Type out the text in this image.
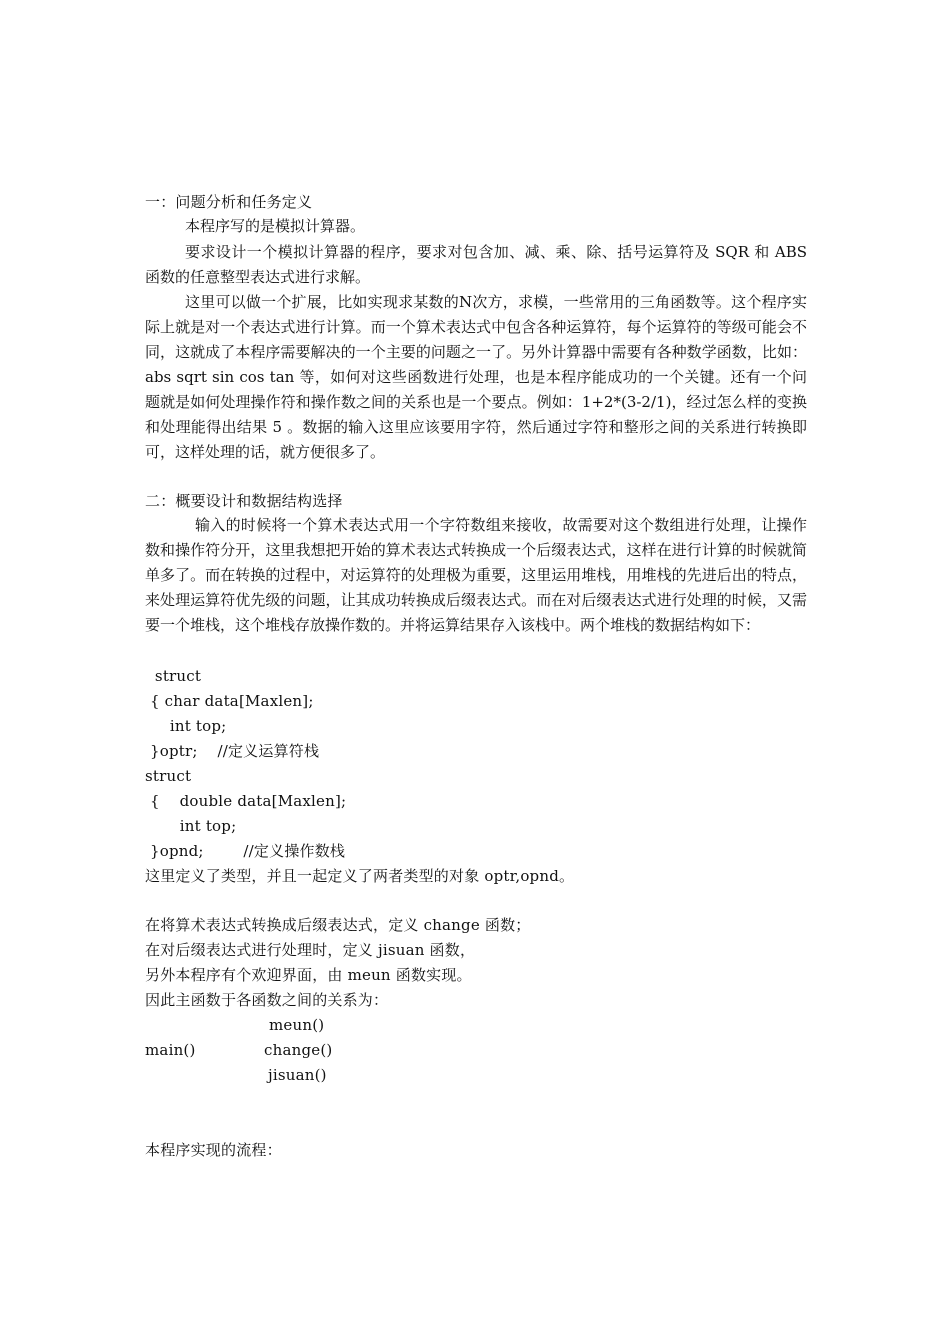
一：问题分析和任务定义
本程序写的是模拟计算器。
要求设计一个模拟计算器的程序，要求对包含加、减、乘、除、括号运算符及 SQR 和 ABS 函数的任意整型表达式进行求解。
这里可以做一个扩展，比如实现求某数的N次方，求模，一些常用的三角函数等。这个程序实际上就是对一个表达式进行计算。而一个算术表达式中包含各种运算符，每个运算符的等级可能会不同，这就成了本程序需要解决的一个主要的问题之一了。另外计算器中需要有各种数学函数，比如：abs sqrt sin cos tan 等，如何对这些函数进行处理，也是本程序能成功的一个关键。还有一个问题就是如何处理操作符和操作数之间的关系也是一个要点。例如：1+2*(3-2/1)，经过怎么样的变换和处理能得出结果 5 。数据的输入这里应该要用字符，然后通过字符和整形之间的关系进行转换即可，这样处理的话，就方便很多了。
二：概要设计和数据结构选择
输入的时候将一个算术表达式用一个字符数组来接收，故需要对这个数组进行处理，让操作数和操作符分开，这里我想把开始的算术表达式转换成一个后缀表达式，这样在进行计算的时候就简单多了。而在转换的过程中，对运算符的处理极为重要，这里运用堆栈，用堆栈的先进后出的特点，来处理运算符优先级的问题，让其成功转换成后缀表达式。而在对后缀表达式进行处理的时候，又需要一个堆栈，这个堆栈存放操作数的。并将运算结果存入该栈中。两个堆栈的数据结构如下：
struct
{ char data[Maxlen];
int top;
}optr;    //定义运算符栈
struct
{    double data[Maxlen];
int top;
}opnd;        //定义操作数栈
这里定义了类型，并且一起定义了两者类型的对象 optr,opnd。
在将算术表达式转换成后缀表达式，定义 change 函数；
在对后缀表达式进行处理时，定义 jisuan 函数，
另外本程序有个欢迎界面，由 meun 函数实现。
因此主函数于各函数之间的关系为：
meun()
main()	change()
jisuan()
本程序实现的流程：
